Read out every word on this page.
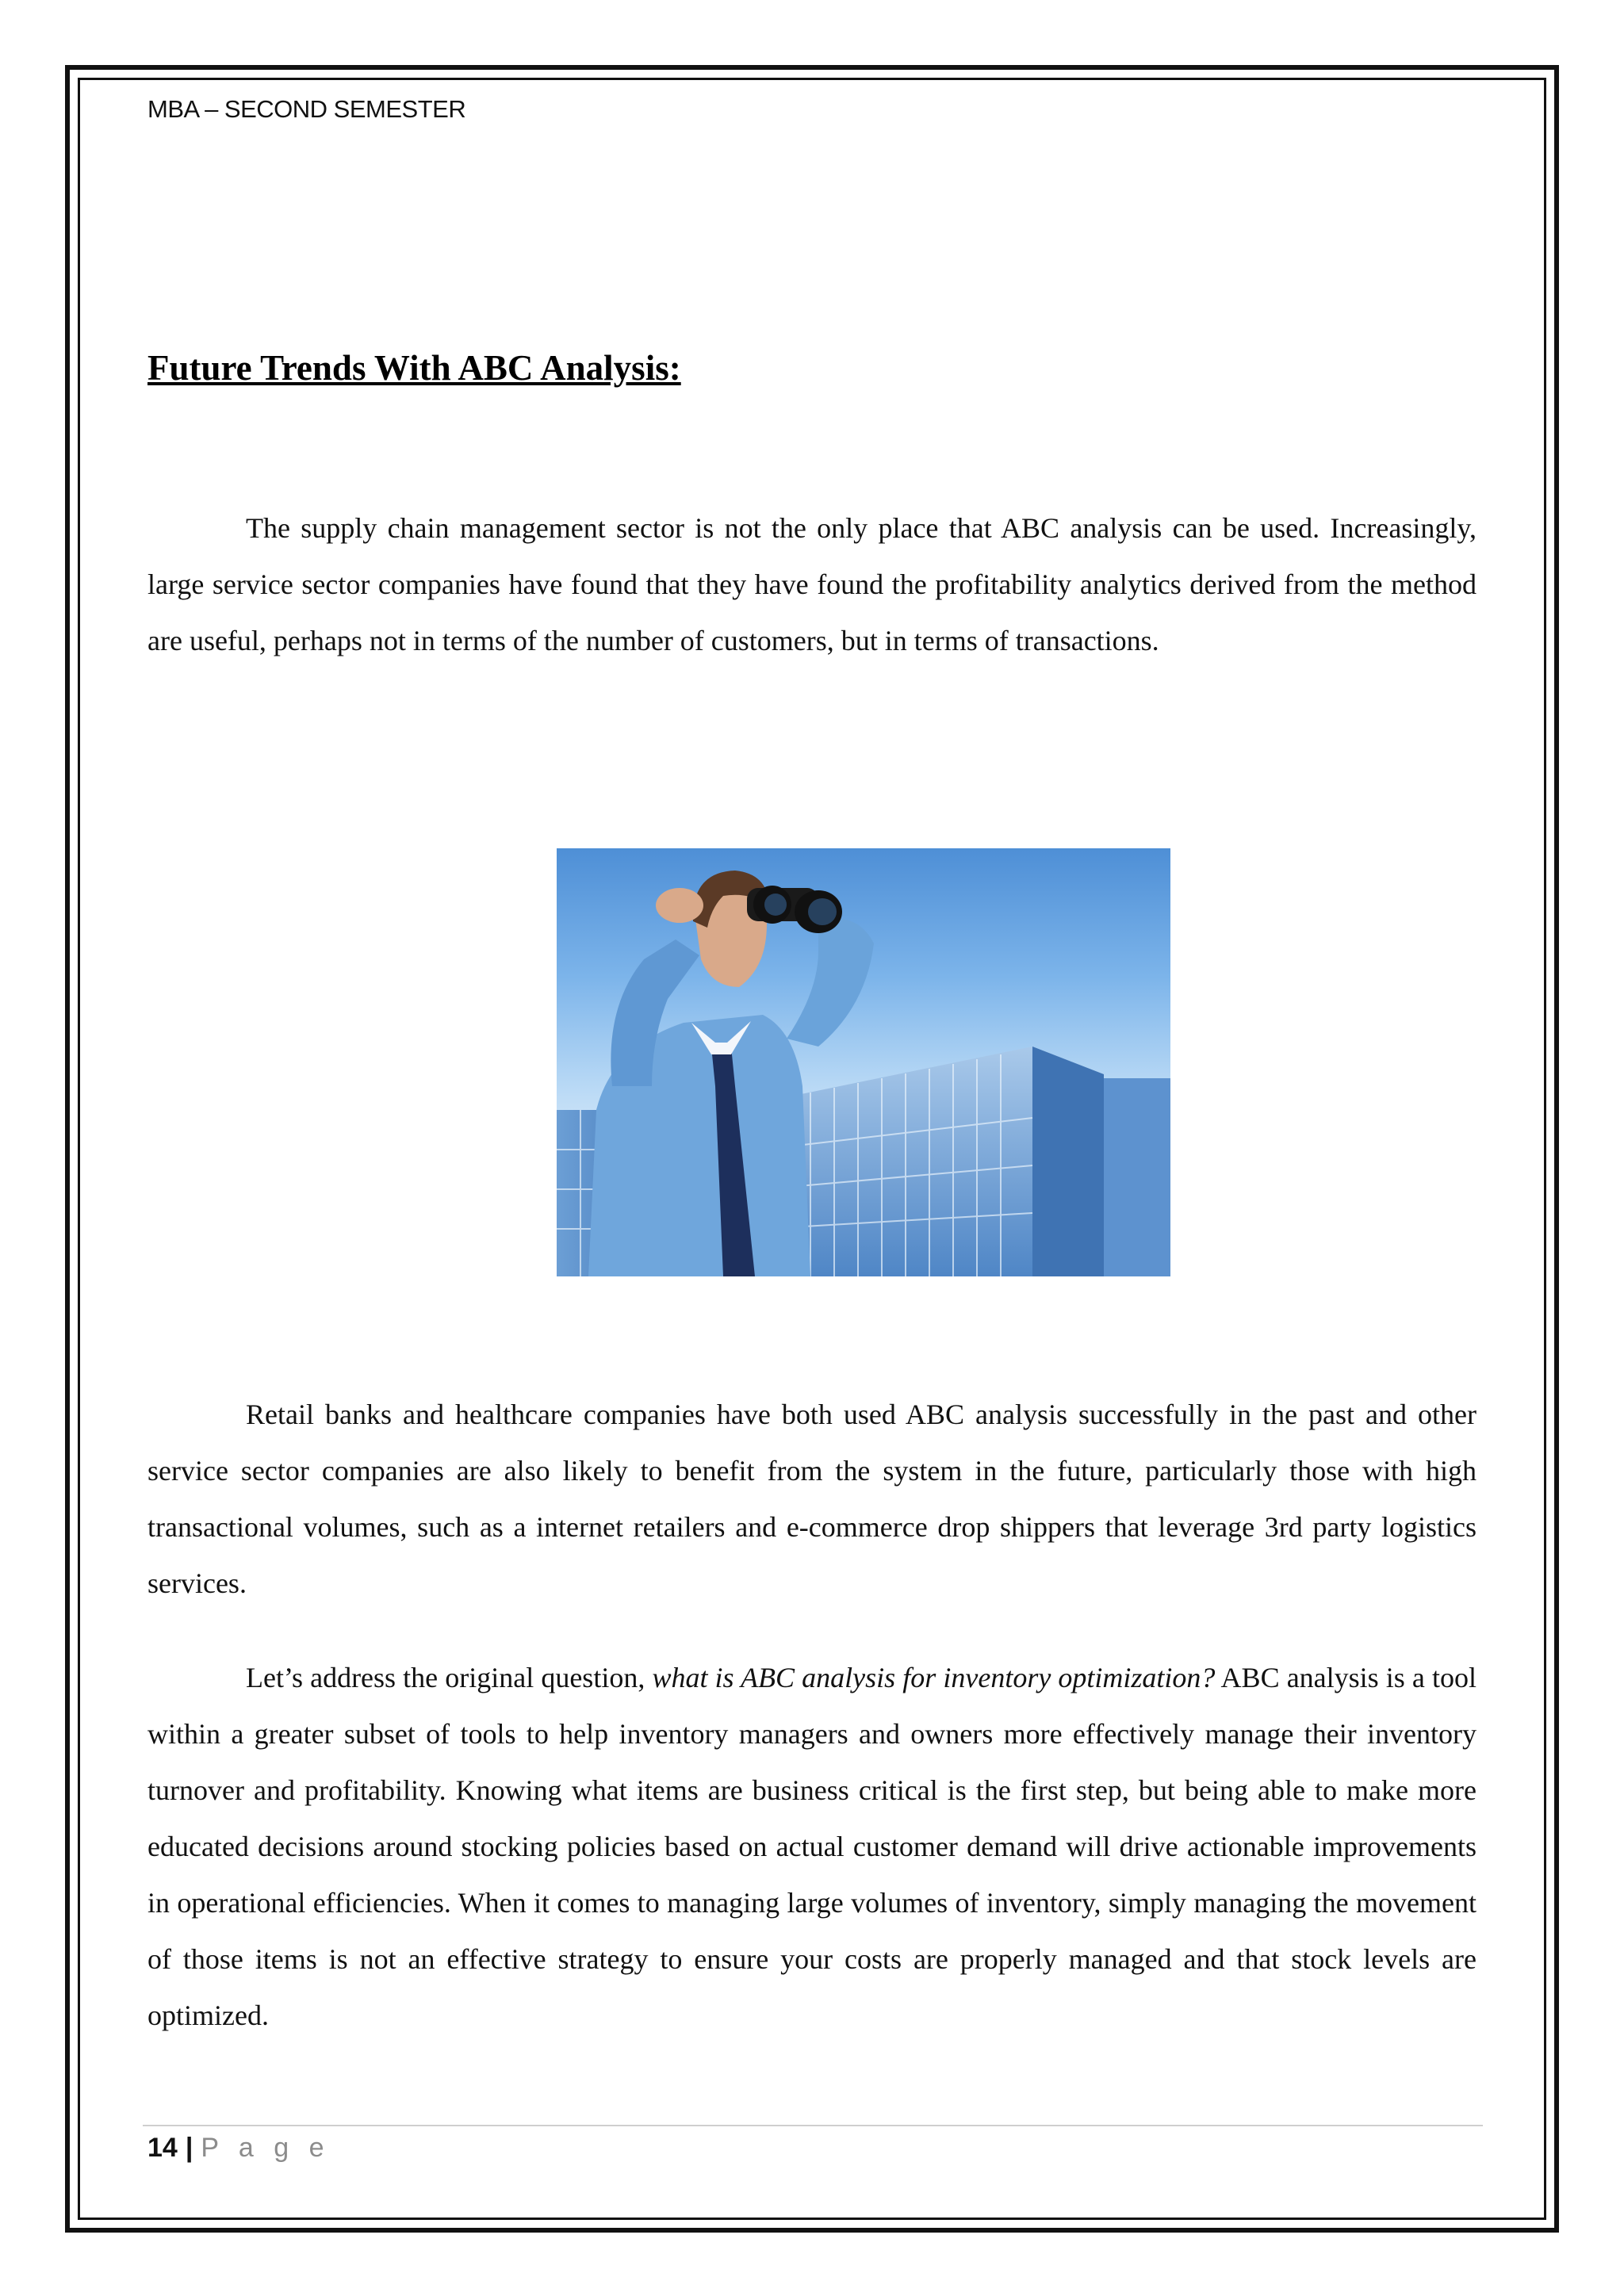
MBA – SECOND SEMESTER
Future Trends With ABC Analysis:

The supply chain management sector is not the only place that ABC analysis can be used. Increasingly, large service sector companies have found that they have found the profitability analytics derived from the method are useful, perhaps not in terms of the number of customers, but in terms of transactions.

Retail banks and healthcare companies have both used ABC analysis successfully in the past and other service sector companies are also likely to benefit from the system in the future, particularly those with high transactional volumes, such as a internet retailers and e-commerce drop shippers that leverage 3rd party logistics services.

Let’s address the original question, what is ABC analysis for inventory optimization? ABC analysis is a tool within a greater subset of tools to help inventory managers and owners more effectively manage their inventory turnover and profitability. Knowing what items are business critical is the first step, but being able to make more educated decisions around stocking policies based on actual customer demand will drive actionable improvements in operational efficiencies. When it comes to managing large volumes of inventory, simply managing the movement of those items is not an effective strategy to ensure your costs are properly managed and that stock levels are optimized.

14 | P a g e
